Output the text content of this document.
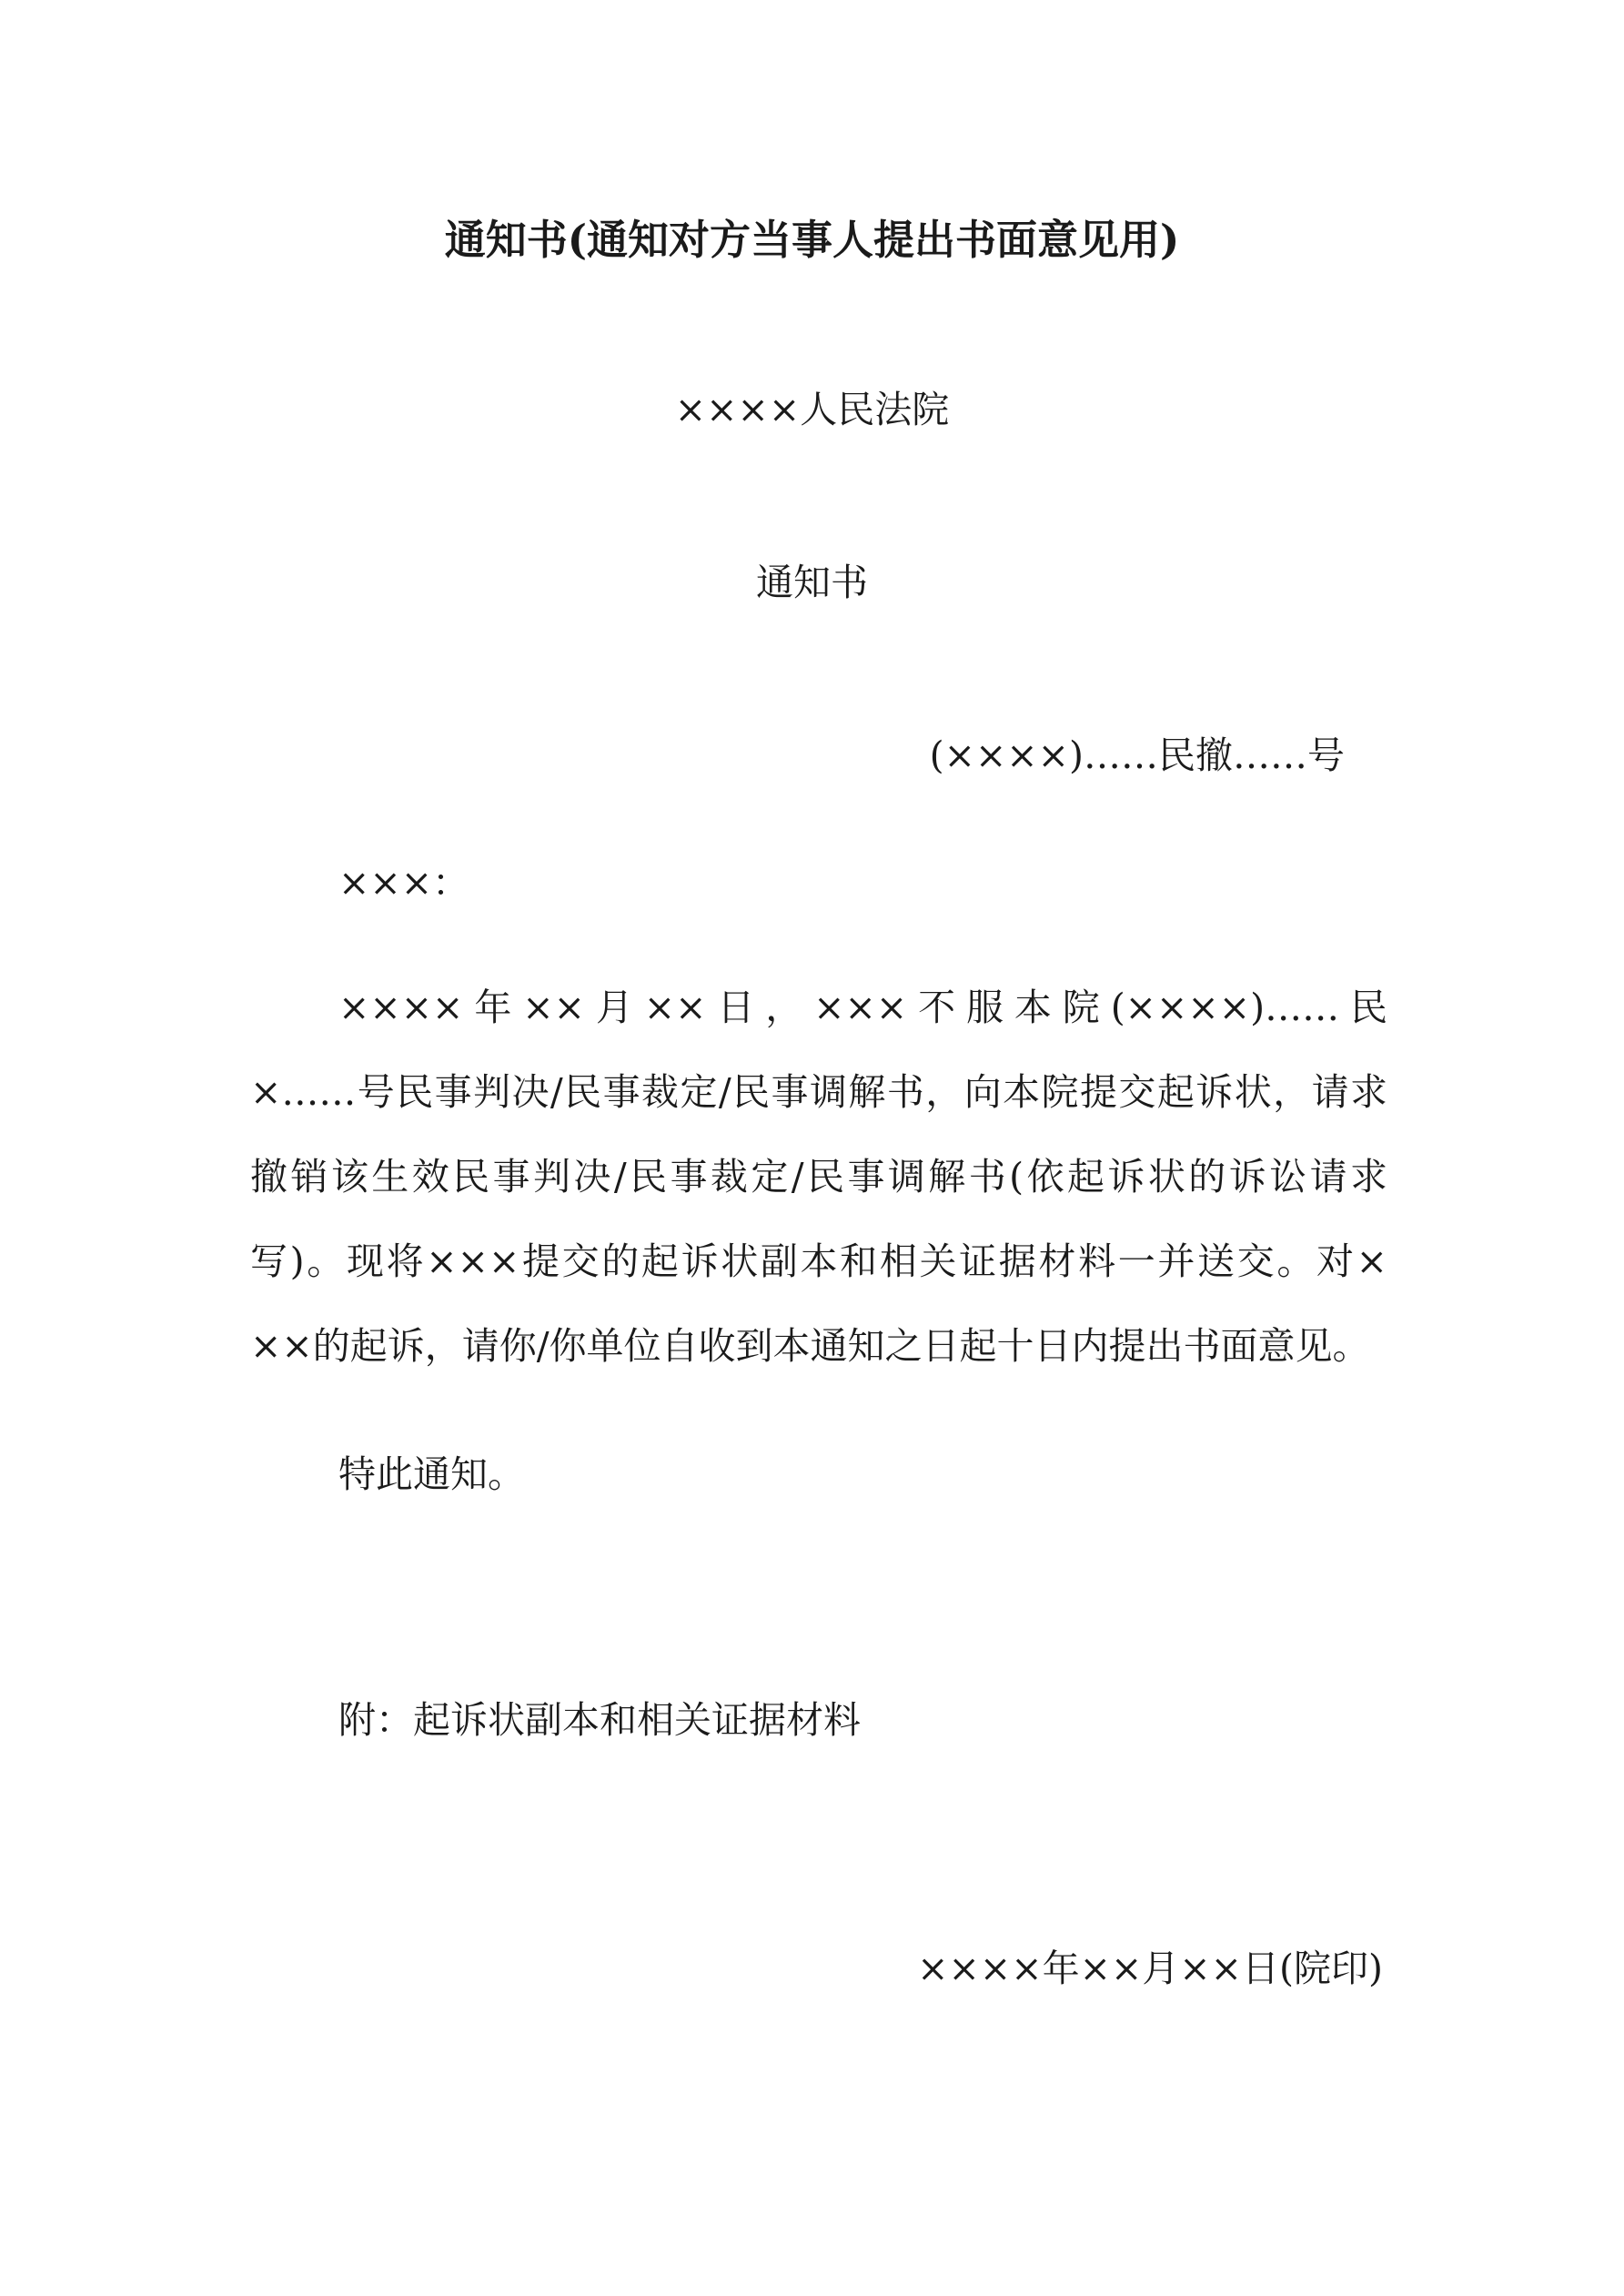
通知书(通知对方当事人提出书面意见用)
××××人民法院
通知书
(××××)……民撤……号
×××：
××××年××月××日，×××不服本院(××××)……民
×……号民事判决/民事裁定/民事调解书，向本院提交起诉状，请求
撤销该生效民事判决/民事裁定/民事调解书(依起诉状的诉讼请求
写)。现将×××提交的起诉状副本和相关证据材料一并送交。对×
××的起诉，请你/你单位自收到本通知之日起十日内提出书面意见。
特此通知。
附：起诉状副本和相关证据材料
××××年××月××日(院印)
